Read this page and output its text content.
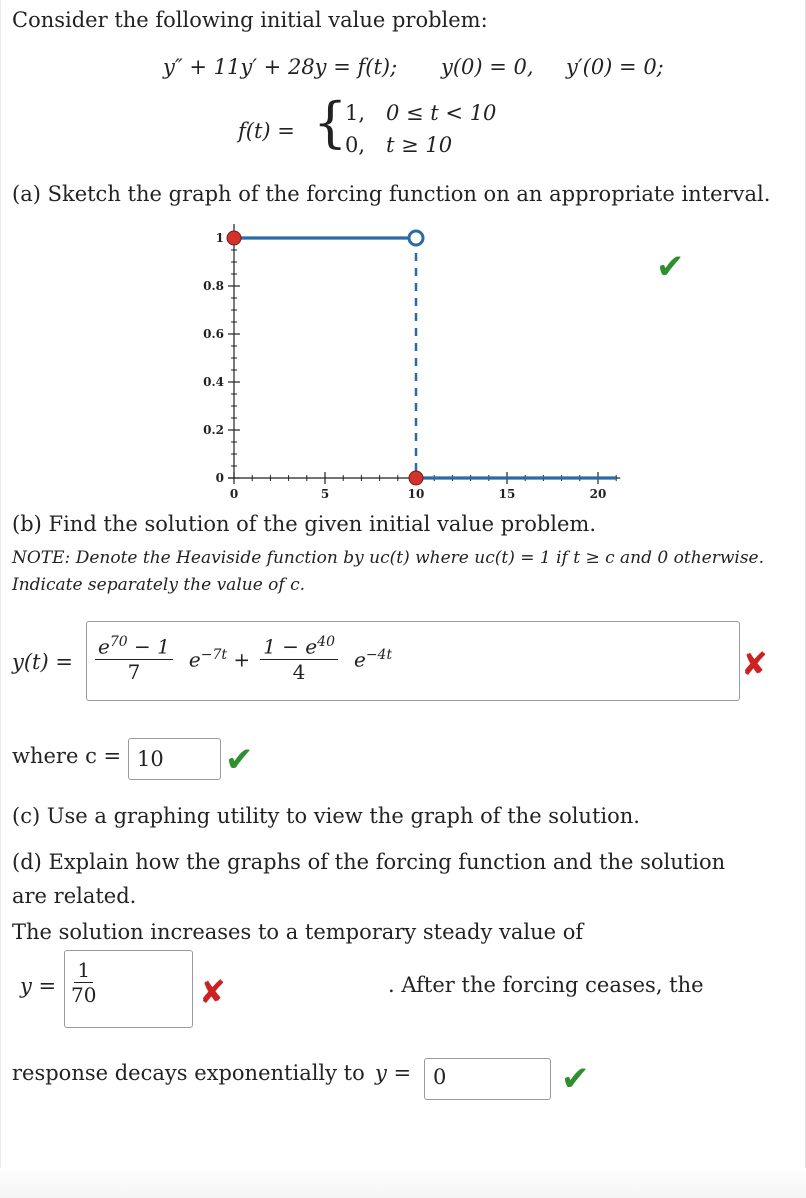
Consider the following initial value problem:
y″ + 11y′ + 28y = f(t); y(0) = 0, y′(0) = 0;
f(t) = {
1, 0 ≤ t < 10
0, t ≥ 10
(a) Sketch the graph of the forcing function on an appropriate interval.
0
0.2
0.4
0.6
0.8
1
0	5	10	15	20
✔
(b) Find the solution of the given initial value problem.
NOTE: Denote the Heaviside function by uc(t) where uc(t) = 1 if t ≥ c and 0 otherwise.
Indicate separately the value of c.
$y(t) = \frac{e^{70} - 1}{7} e^{-7t} + \frac{1 - e^{40}}{4} e^{-4t}$	✘
where c = 10 ✔
(c) Use a graphing utility to view the graph of the solution.
(d) Explain how the graphs of the forcing function and the solution
are related.
The solution increases to a temporary steady value of
$y = \frac{1}{70}$	✘	. After the forcing ceases, the
response decays exponentially to y = 0	✔
